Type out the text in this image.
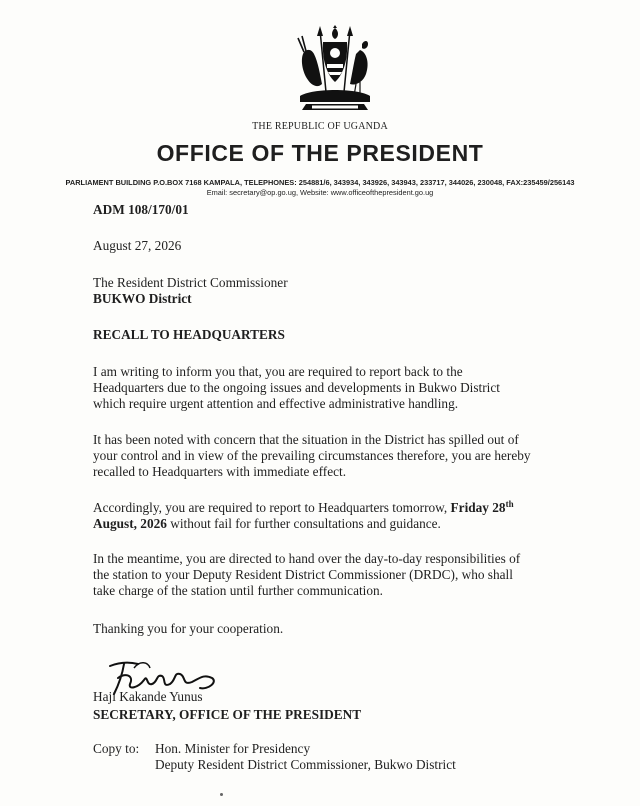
THE REPUBLIC OF UGANDA
OFFICE OF THE PRESIDENT
PARLIAMENT BUILDING P.O.BOX 7168 KAMPALA, TELEPHONES: 254881/6, 343934, 343926, 343943, 233717, 344026, 230048, FAX:235459/256143
Email: secretary@op.go.ug, Website: www.officeofthepresident.go.ug
ADM 108/170/01
August 27, 2026
The Resident District Commissioner
BUKWO District
RECALL TO HEADQUARTERS
I am writing to inform you that, you are required to report back to the
Headquarters due to the ongoing issues and developments in Bukwo District
which require urgent attention and effective administrative handling.
It has been noted with concern that the situation in the District has spilled out of
your control and in view of the prevailing circumstances therefore, you are hereby
recalled to Headquarters with immediate effect.
Accordingly, you are required to report to Headquarters tomorrow, Friday 28th
August, 2026 without fail for further consultations and guidance.
In the meantime, you are directed to hand over the day-to-day responsibilities of
the station to your Deputy Resident District Commissioner (DRDC), who shall
take charge of the station until further communication.
Thanking you for your cooperation.
Haji Kakande Yunus
SECRETARY, OFFICE OF THE PRESIDENT
Copy to: Hon. Minister for Presidency
Deputy Resident District Commissioner, Bukwo District
